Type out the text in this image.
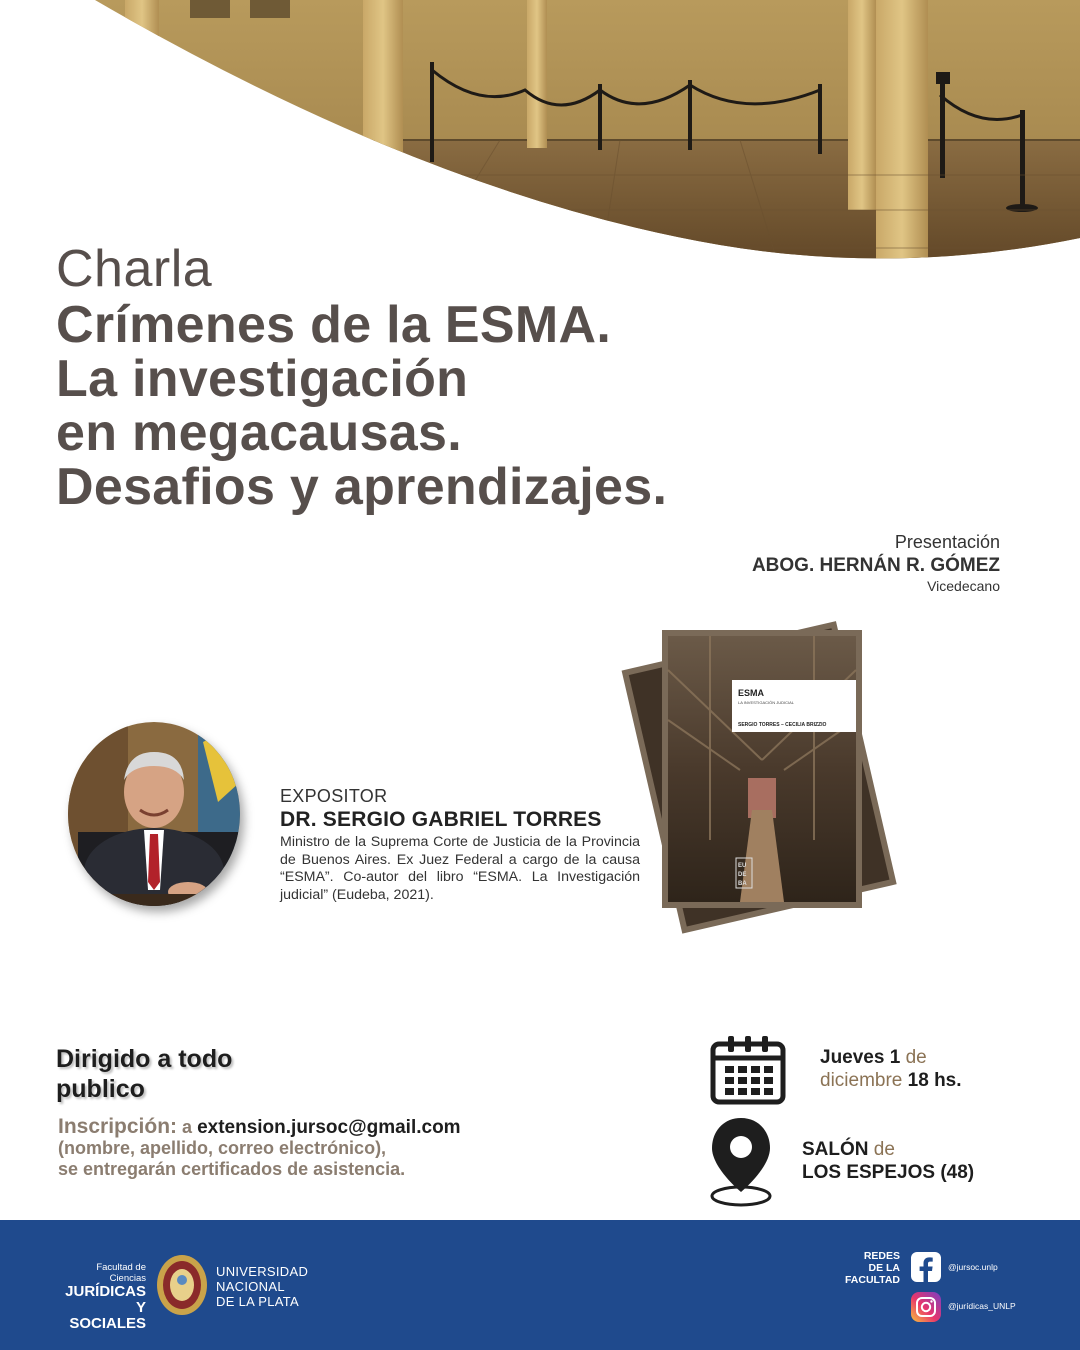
Charla
Crímenes de la ESMA.
La investigación
en megacausas.
Desafios y aprendizajes.
Presentación
ABOG. HERNÁN R. GÓMEZ
Vicedecano
EXPOSITOR
DR. SERGIO GABRIEL TORRES
Ministro de la Suprema Corte de Justicia de la Provincia de Buenos Aires. Ex Juez Federal a cargo de la causa “ESMA”. Co-autor del libro “ESMA. La Investigación judicial” (Eudeba, 2021).
ESMA
LA INVESTIGACIÓN JUDICIAL
SERGIO TORRES – CECILIA BRIZZIO
EU
DE
BA
Dirigido a todo
publico
Inscripción: a extension.jursoc@gmail.com
(nombre, apellido, correo electrónico),
se entregarán certificados de asistencia.
Jueves 1 de
diciembre 18 hs.
SALÓN de
LOS ESPEJOS (48)
Facultad de Ciencias
JURÍDICAS
Y SOCIALES
UNIVERSIDAD
NACIONAL
DE LA PLATA
REDES
DE LA
FACULTAD
@jursoc.unlp
@jurídicas_UNLP
